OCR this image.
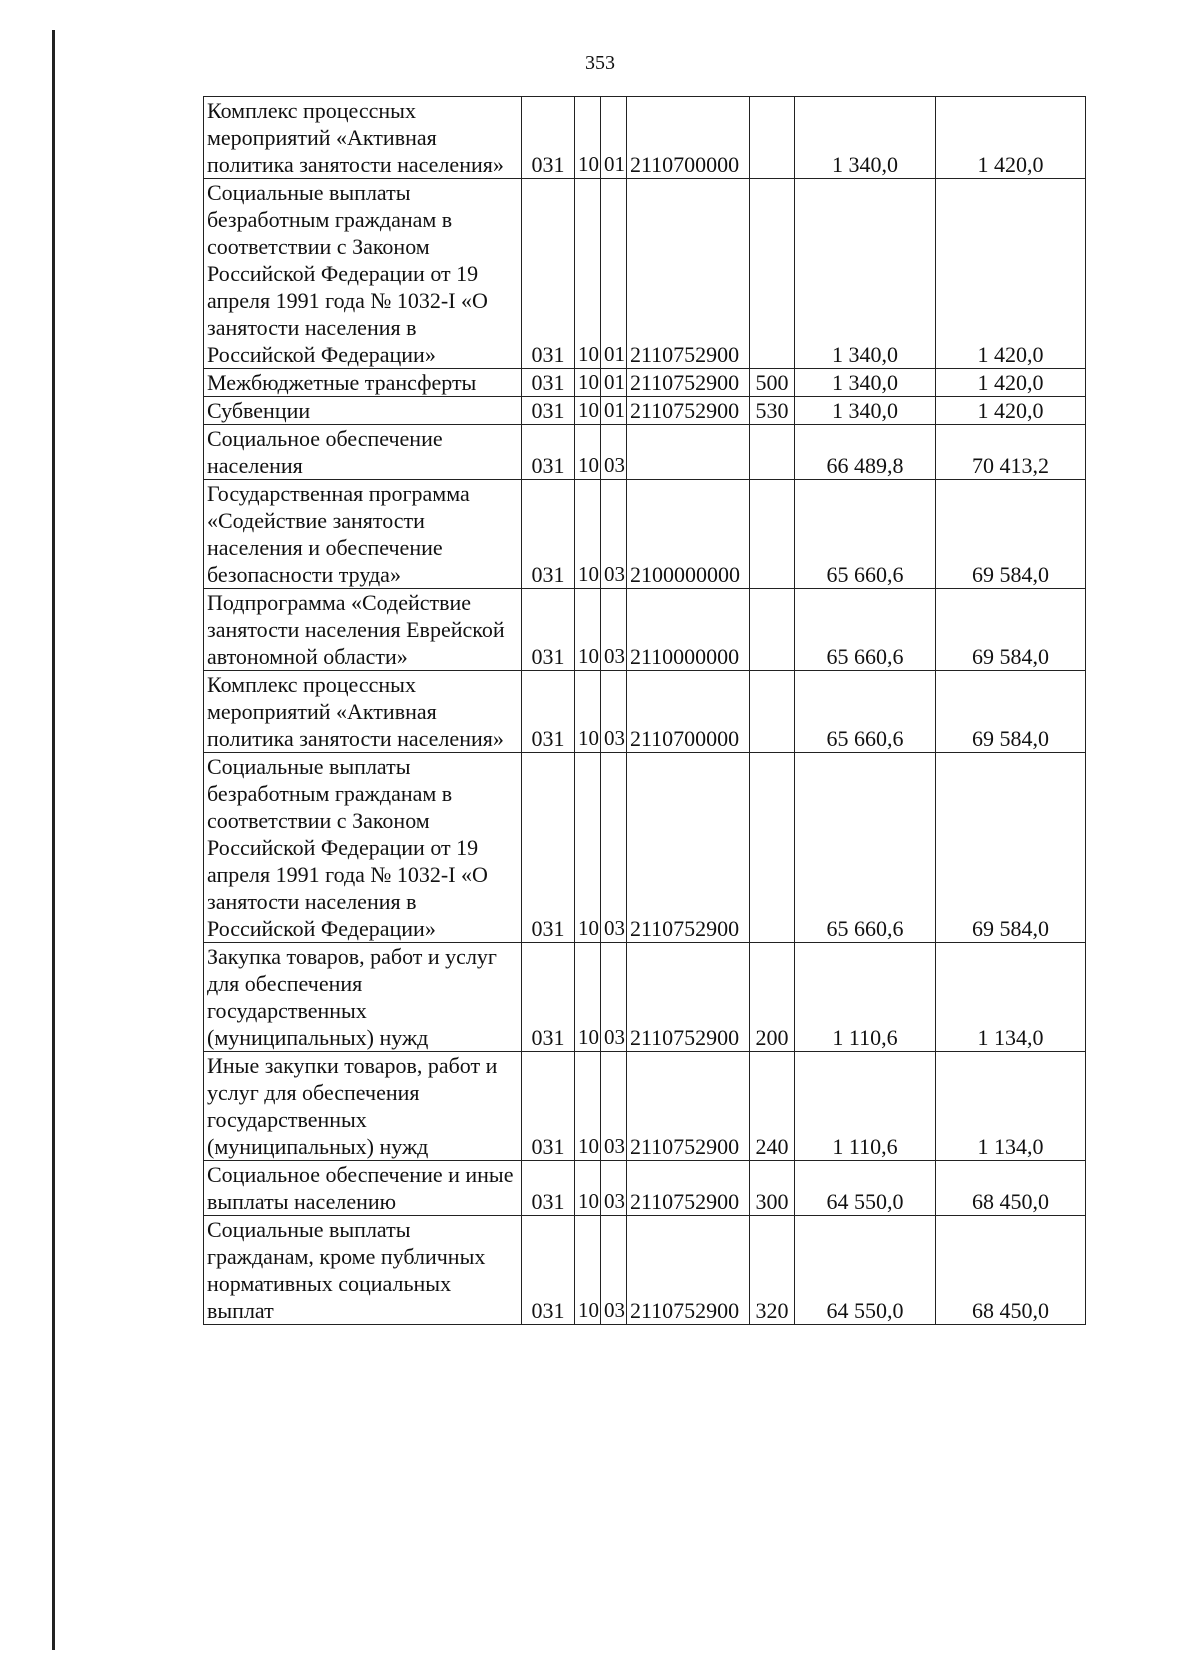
353
Комплекс процессных мероприятий «Активная политика занятости населения»	031	10	01	2110700000		1 340,0	1 420,0
Социальные выплаты безработным гражданам в соответствии с Законом Российской Федерации от 19 апреля 1991 года № 1032-I «О занятости населения в Российской Федерации»	031	10	01	2110752900		1 340,0	1 420,0
Межбюджетные трансферты	031	10	01	2110752900	500	1 340,0	1 420,0
Субвенции	031	10	01	2110752900	530	1 340,0	1 420,0
Социальное обеспечение населения	031	10	03			66 489,8	70 413,2
Государственная программа «Содействие занятости населения и обеспечение безопасности труда»	031	10	03	2100000000		65 660,6	69 584,0
Подпрограмма «Содействие занятости населения Еврейской автономной области»	031	10	03	2110000000		65 660,6	69 584,0
Комплекс процессных мероприятий «Активная политика занятости населения»	031	10	03	2110700000		65 660,6	69 584,0
Социальные выплаты безработным гражданам в соответствии с Законом Российской Федерации от 19 апреля 1991 года № 1032-I «О занятости населения в Российской Федерации»	031	10	03	2110752900		65 660,6	69 584,0
Закупка товаров, работ и услуг для обеспечения государственных (муниципальных) нужд	031	10	03	2110752900	200	1 110,6	1 134,0
Иные закупки товаров, работ и услуг для обеспечения государственных (муниципальных) нужд	031	10	03	2110752900	240	1 110,6	1 134,0
Социальное обеспечение и иные выплаты населению	031	10	03	2110752900	300	64 550,0	68 450,0
Социальные выплаты гражданам, кроме публичных нормативных социальных выплат	031	10	03	2110752900	320	64 550,0	68 450,0
